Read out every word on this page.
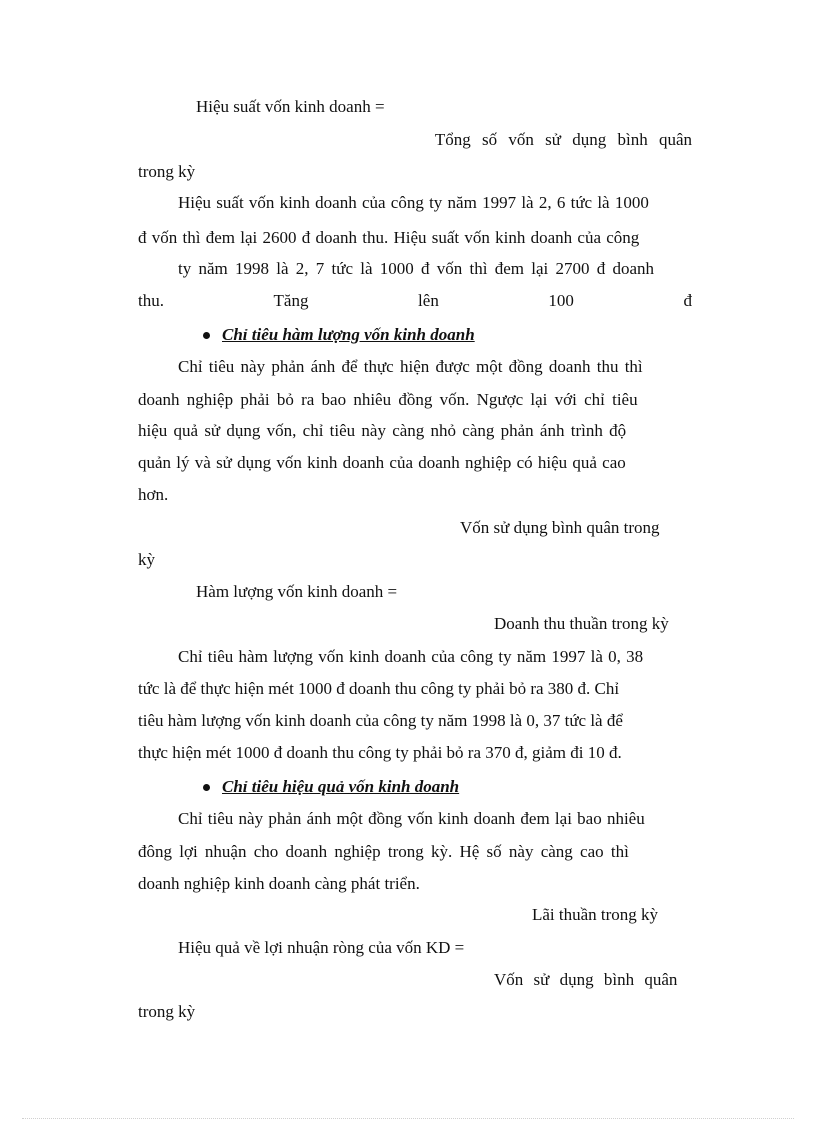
Hiệu suất vốn kinh doanh =
Tổng số vốn sử dụng bình quân
trong kỳ
Hiệu suất vốn kinh doanh của công ty năm 1997 là 2, 6 tức là 1000
đ vốn thì đem lại 2600 đ doanh thu. Hiệu suất vốn kinh doanh của công
ty năm 1998 là 2, 7 tức là 1000 đ vốn thì đem lại 2700 đ doanh
thu.	Tăng	lên	100	đ
Chỉ tiêu hàm lượng vốn kinh doanh
Chỉ tiêu này phản ánh để thực hiện được một đồng doanh thu thì
doanh nghiệp phải bỏ ra bao nhiêu đồng vốn. Ngược lại với chỉ tiêu
hiệu quả sử dụng vốn, chỉ tiêu này càng nhỏ càng phản ánh trình độ
quản lý và sử dụng vốn kinh doanh của doanh nghiệp có hiệu quả cao
hơn.
Vốn sử dụng bình quân trong
kỳ
Hàm lượng vốn kinh doanh =
Doanh thu thuần trong kỳ
Chỉ tiêu hàm lượng vốn kinh doanh của công ty năm 1997 là 0, 38
tức là để thực hiện mét 1000 đ doanh thu công ty phải bỏ ra 380 đ. Chỉ
tiêu hàm lượng vốn kinh doanh của công ty năm 1998 là 0, 37 tức là để
thực hiện mét 1000 đ doanh thu công ty phải bỏ ra 370 đ, giảm đi 10 đ.
Chỉ tiêu hiệu quả vốn kinh doanh
Chỉ tiêu này phản ánh một đồng vốn kinh doanh đem lại bao nhiêu
đông lợi nhuận cho doanh nghiệp trong kỳ. Hệ số này càng cao thì
doanh nghiệp kinh doanh càng phát triển.
Lãi thuần trong kỳ
Hiệu quả về lợi nhuận ròng của vốn KD =
Vốn sử dụng bình quân
trong kỳ
